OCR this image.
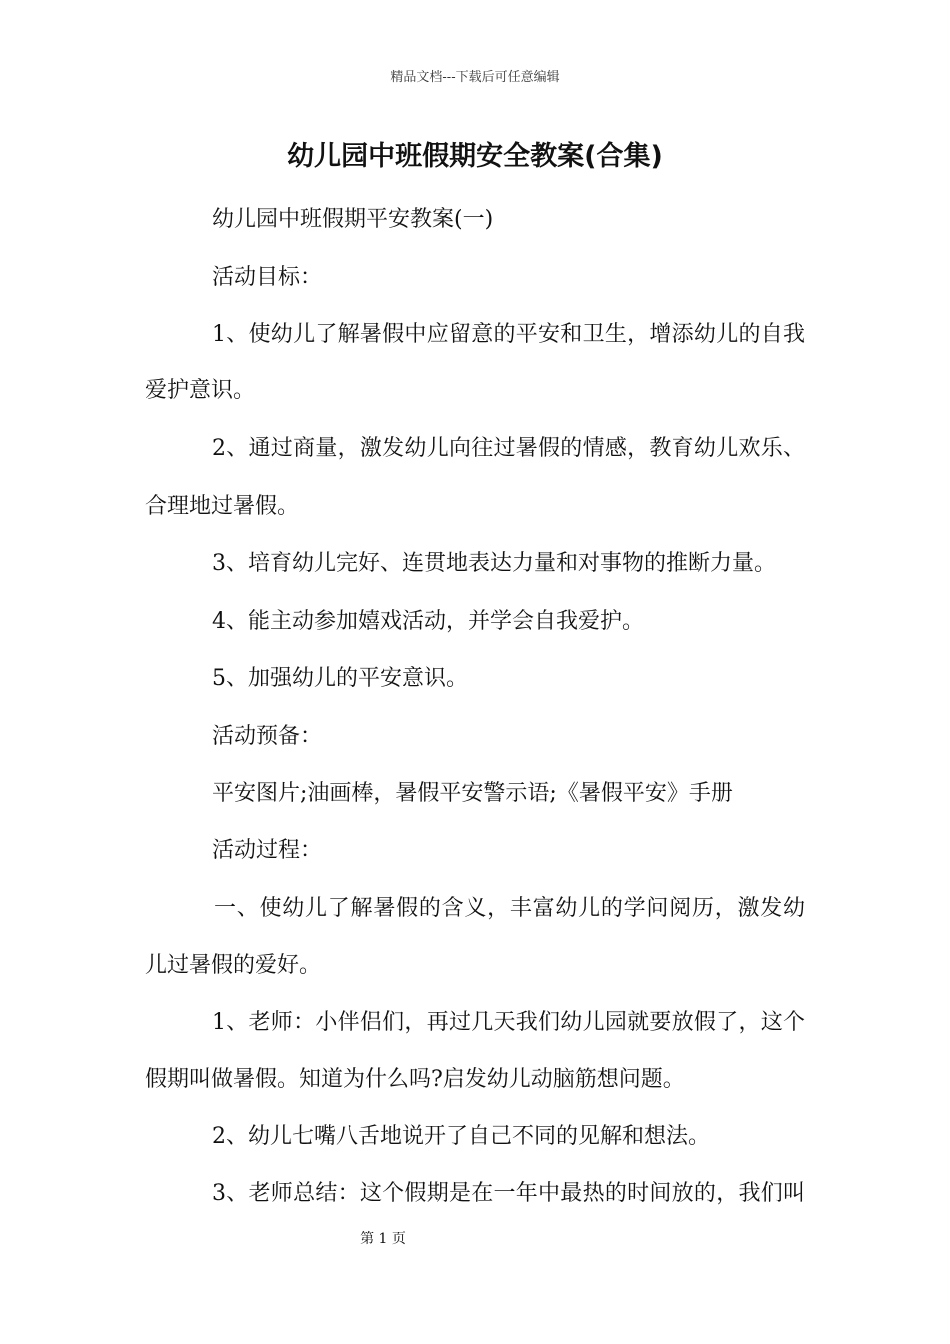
精品文档---下载后可任意编辑
幼儿园中班假期安全教案(合集)
幼儿园中班假期平安教案(一)
活动目标：
1、使幼儿了解暑假中应留意的平安和卫生，增添幼儿的自我
爱护意识。
2、通过商量，激发幼儿向往过暑假的情感，教育幼儿欢乐、
合理地过暑假。
3、培育幼儿完好、连贯地表达力量和对事物的推断力量。
4、能主动参加嬉戏活动，并学会自我爱护。
5、加强幼儿的平安意识。
活动预备：
平安图片;油画棒，暑假平安警示语;《暑假平安》手册
活动过程：
一、使幼儿了解暑假的含义，丰富幼儿的学问阅历，激发幼
儿过暑假的爱好。
1、老师：小伴侣们，再过几天我们幼儿园就要放假了，这个
假期叫做暑假。知道为什么吗?启发幼儿动脑筋想问题。
2、幼儿七嘴八舌地说开了自己不同的见解和想法。
3、老师总结：这个假期是在一年中最热的时间放的，我们叫
第 1 页
